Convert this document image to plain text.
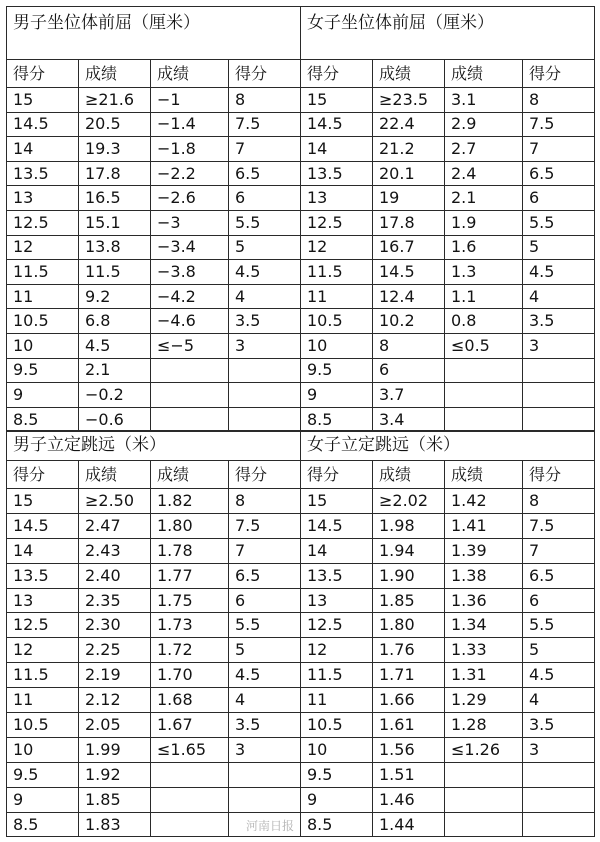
男子坐位体前屈（厘米）				女子坐位体前屈（厘米）			
得分	成绩	成绩	得分	得分	成绩	成绩	得分
15	≥21.6	−1	8	15	≥23.5	3.1	8
14.5	20.5	−1.4	7.5	14.5	22.4	2.9	7.5
14	19.3	−1.8	7	14	21.2	2.7	7
13.5	17.8	−2.2	6.5	13.5	20.1	2.4	6.5
13	16.5	−2.6	6	13	19	2.1	6
12.5	15.1	−3	5.5	12.5	17.8	1.9	5.5
12	13.8	−3.4	5	12	16.7	1.6	5
11.5	11.5	−3.8	4.5	11.5	14.5	1.3	4.5
11	9.2	−4.2	4	11	12.4	1.1	4
10.5	6.8	−4.6	3.5	10.5	10.2	0.8	3.5
10	4.5	≤−5	3	10	8	≤0.5	3
9.5	2.1			9.5	6		
9	−0.2			9	3.7		
8.5	−0.6			8.5	3.4		
男子立定跳远（米）				女子立定跳远（米）			
得分	成绩	成绩	得分	得分	成绩	成绩	得分
15	≥2.50	1.82	8	15	≥2.02	1.42	8
14.5	2.47	1.80	7.5	14.5	1.98	1.41	7.5
14	2.43	1.78	7	14	1.94	1.39	7
13.5	2.40	1.77	6.5	13.5	1.90	1.38	6.5
13	2.35	1.75	6	13	1.85	1.36	6
12.5	2.30	1.73	5.5	12.5	1.80	1.34	5.5
12	2.25	1.72	5	12	1.76	1.33	5
11.5	2.19	1.70	4.5	11.5	1.71	1.31	4.5
11	2.12	1.68	4	11	1.66	1.29	4
10.5	2.05	1.67	3.5	10.5	1.61	1.28	3.5
10	1.99	≤1.65	3	10	1.56	≤1.26	3
9.5	1.92			9.5	1.51		
9	1.85			9	1.46		
8.5	1.83			8.5	1.44		
河南日报
